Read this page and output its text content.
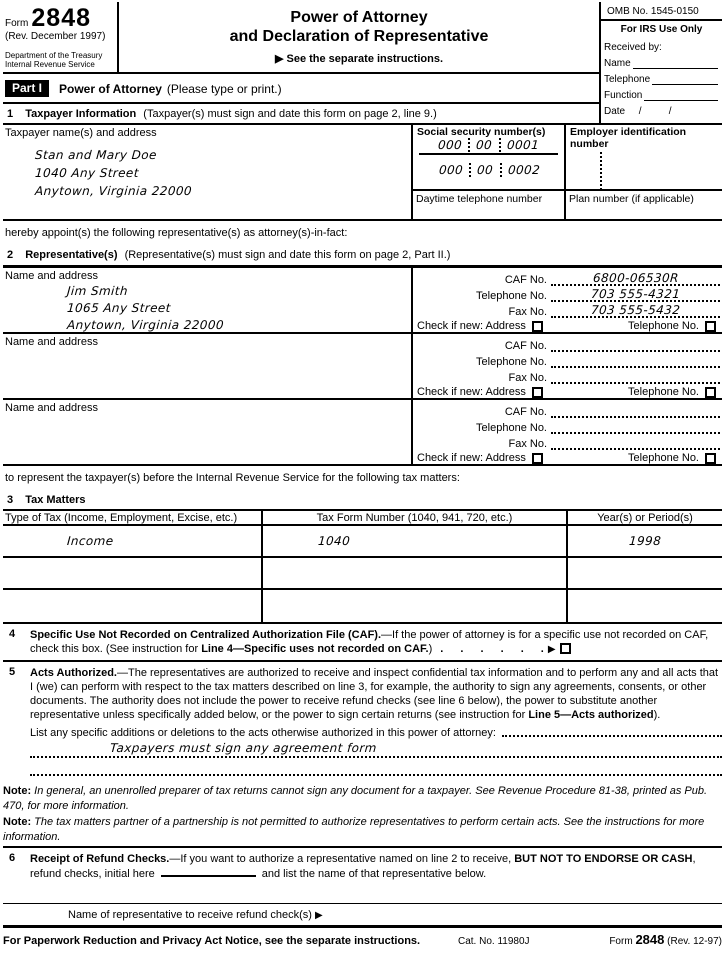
Form 2848
(Rev. December 1997)
Department of the Treasury
Internal Revenue Service
Power of Attorney
and Declaration of Representative
▶ See the separate instructions.
Part I	Power of Attorney (Please type or print.)
1 Taxpayer Information (Taxpayer(s) must sign and date this form on page 2, line 9.)
OMB No. 1545-0150
For IRS Use Only
Received by:
Name
Telephone
Function
Date	/	/
Taxpayer name(s) and address
Stan and Mary Doe
1040 Any Street
Anytown, Virginia 22000
Social security number(s)
000	00	0001
000	00	0002
Daytime telephone number
Employer identification number
Plan number (if applicable)
hereby appoint(s) the following representative(s) as attorney(s)-in-fact:
2 Representative(s) (Representative(s) must sign and date this form on page 2, Part II.)
Name and address
Jim Smith
1065 Any Street
Anytown, Virginia 22000
CAF No.	6800-06530R
Telephone No.	703 555-4321
Fax No.	703 555-5432
Check if new: Address	Telephone No.
Name and address	CAF No.
Telephone No.
Fax No.
Check if new: Address	Telephone No.
Name and address	CAF No.
Telephone No.
Fax No.
Check if new: Address	Telephone No.
to represent the taxpayer(s) before the Internal Revenue Service for the following tax matters:
3 Tax Matters
Type of Tax (Income, Employment, Excise, etc.)	Tax Form Number (1040, 941, 720, etc.)	Year(s) or Period(s)
Income	1040	1998
4	Specific Use Not Recorded on Centralized Authorization File (CAF).—If the power of attorney is for a specific use not recorded on CAF, check this box. (See instruction for Line 4—Specific uses not recorded on CAF.) . . . . . . ▶
5	Acts Authorized.—The representatives are authorized to receive and inspect confidential tax information and to perform any and all acts that I (we) can perform with respect to the tax matters described on line 3, for example, the authority to sign any agreements, consents, or other documents. The authority does not include the power to receive refund checks (see line 6 below), the power to substitute another representative unless specifically added below, or the power to sign certain returns (see instruction for Line 5—Acts authorized).
List any specific additions or deletions to the acts otherwise authorized in this power of attorney:
Taxpayers must sign any agreement form
Note: In general, an unenrolled preparer of tax returns cannot sign any document for a taxpayer. See Revenue Procedure 81-38, printed as Pub. 470, for more information.
Note: The tax matters partner of a partnership is not permitted to authorize representatives to perform certain acts. See the instructions for more information.
6	Receipt of Refund Checks.—If you want to authorize a representative named on line 2 to receive, BUT NOT TO ENDORSE OR CASH, refund checks, initial here	and list the name of that representative below.
Name of representative to receive refund check(s) ▶
For Paperwork Reduction and Privacy Act Notice, see the separate instructions.	Cat. No. 11980J	Form 2848 (Rev. 12-97)
